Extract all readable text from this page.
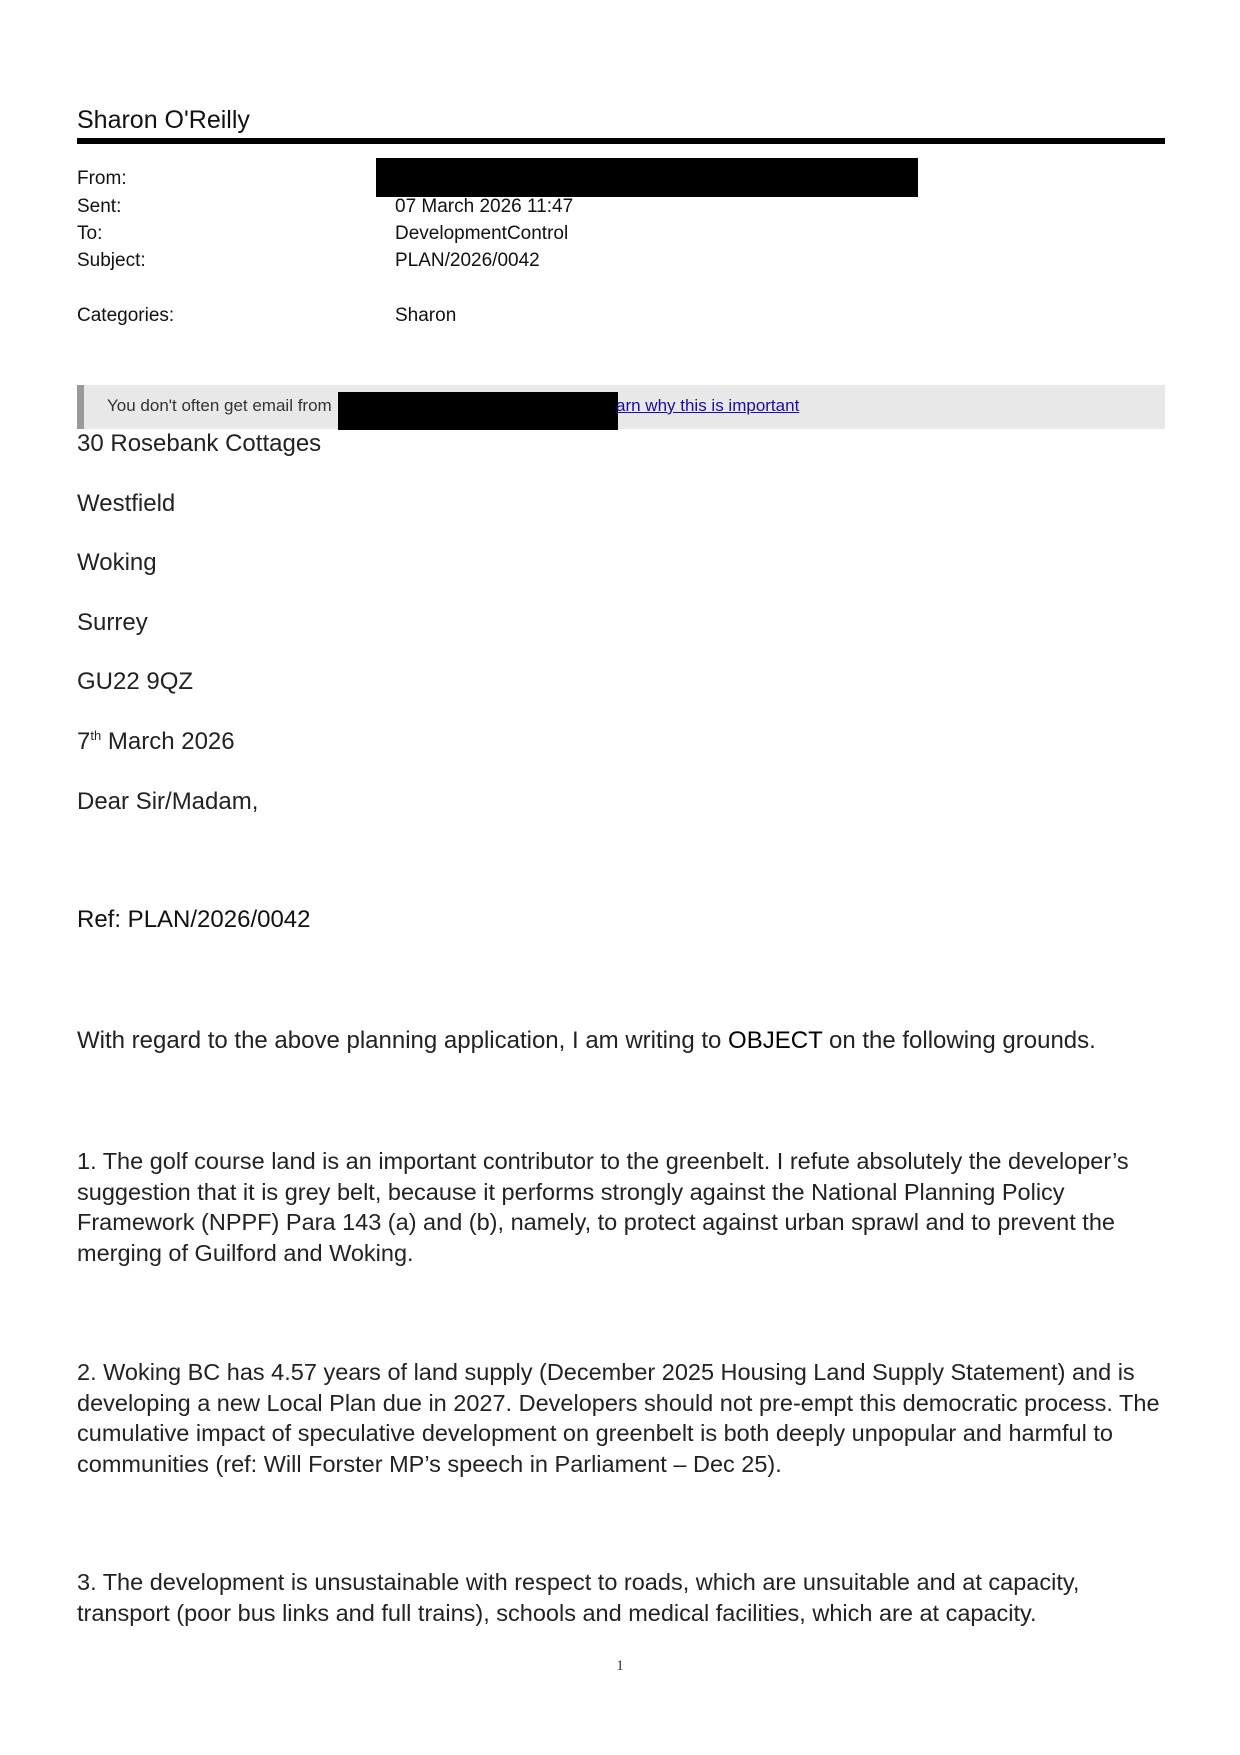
Sharon O'Reilly
From:
Sent:	07 March 2026 11:47
To:	DevelopmentControl
Subject:	PLAN/2026/0042
Categories:	Sharon
You don't often get email from	arn why this is important
30 Rosebank Cottages
Westfield
Woking
Surrey
GU22 9QZ
7th March 2026
Dear Sir/Madam,
Ref: PLAN/2026/0042
With regard to the above planning application, I am writing to OBJECT on the following grounds.
1. The golf course land is an important contributor to the greenbelt. I refute absolutely the developer’s suggestion that it is grey belt, because it performs strongly against the National Planning Policy Framework (NPPF) Para 143 (a) and (b), namely, to protect against urban sprawl and to prevent the merging of Guilford and Woking.
2. Woking BC has 4.57 years of land supply (December 2025 Housing Land Supply Statement) and is developing a new Local Plan due in 2027. Developers should not pre-empt this democratic process. The cumulative impact of speculative development on greenbelt is both deeply unpopular and harmful to communities (ref: Will Forster MP’s speech in Parliament – Dec 25).
3. The development is unsustainable with respect to roads, which are unsuitable and at capacity, transport (poor bus links and full trains), schools and medical facilities, which are at capacity.
1
